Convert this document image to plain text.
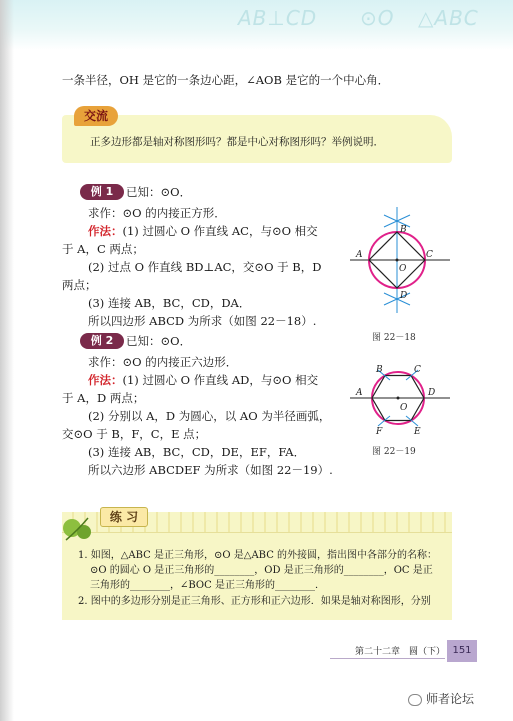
AB⊥CD ⊙O △ABC
一条半径，OH 是它的一条边心距，∠AOB 是它的一个中心角．
交流
正多边形都是轴对称图形吗？都是中心对称图形吗？举例说明．
例 1	已知：⊙O．
求作：⊙O 的内接正方形．
作法：(1) 过圆心 O 作直线 AC，与⊙O 相交
于 A，C 两点；
(2) 过点 O 作直线 BD⊥AC，交⊙O 于 B，D
两点；
(3) 连接 AB，BC，CD，DA．
所以四边形 ABCD 为所求（如图 22－18）.
例 2	已知：⊙O．
求作：⊙O 的内接正六边形．
作法：(1) 过圆心 O 作直线 AD，与⊙O 相交
于 A，D 两点；
(2) 分别以 A，D 为圆心，以 AO 为半径画弧，
交⊙O 于 B，F，C，E 点；
(3) 连接 AB，BC，CD，DE，EF，FA．
所以六边形 ABCDEF 为所求（如图 22－19）.
A	C
B
D
O
图 22－18
A	D
B	C
F	E
O
图 22－19
练 习
1. 如图，△ABC 是正三角形，⊙O 是△ABC 的外接圆，指出图中各部分的名称：
⊙O 的圆心 O 是正三角形的________，OD 是正三角形的________，OC 是正
三角形的________，∠BOC 是正三角形的________．
2. 图中的多边形分别是正三角形、正方形和正六边形．如果是轴对称图形，分别
第二十二章　圆（下） 151
师者论坛
